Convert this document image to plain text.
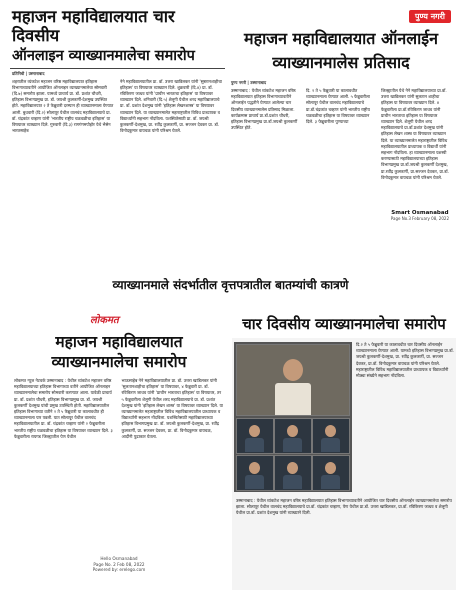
महाजन महाविद्यालयात चार दिवसीय
ऑनलाइन व्याख्यानमालेचा समारोप
प्रतिनिधी | उस्मानाबाद
शहरातील व्यंकटेश महाजन वरिष्ठ महाविद्यालयात इतिहास विभागाच्यावतीने आयोजित ऑनलाइन व्याख्यानमालेचा सोमवारी (दि.७) समारोप झाला. यामध्ये प्राचार्य प्रा. डॉ. प्रशांत चौधरी, इतिहास विभागप्रमुख प्रा. डॉ. जयश्री कुलकर्णी-देशमुख उपस्थित होते. महाविद्यालयात २ ते फेब्रुवारी दरम्यान ही व्याख्यानमाला घेण्यात आली. बुधवारी (दि.२) सोलापूर येथील वालचंद महाविद्यालयाचे प्रा. डॉ. चंद्रकांत चव्हाण यांनी 'भारतीय राष्ट्रीय चळवळीचा इतिहास' या विषयावर व्याख्यान दिले. गुरुवारी (दि.३) रागगंगमपोहोर येथे भैसेन भारतसाहेब
नेने महाविद्यालयातील प्रा. डॉ. उत्तरा खाडिलकर यांनी 'सुस्तानशाहीचा इतिहास' या विषयावर व्याख्यान दिले. शुक्रवारी (दि.४) प्रा. डॉ. रविकिरण जाधव यांनी 'प्राचीन भारताचा इतिहास' या विषयावर व्याख्यान दिले. शनिवारी (दि.५) शेलूगी येथील शरद महाविद्यालयाचे प्रा. डॉ. प्रशांत देशमुख यांनी 'इतिहास लेखनशास्त्र' या विषयावर व्याख्यान दिले. या व्याख्यानमालेत महाराष्ट्रातील विविध प्राध्यापक व विद्यार्थ्यांनी सहभाग नोंदविला. यशस्वितेसाठी प्रा. डॉ. जयश्री कुलकर्णी-देशमुख, प्रा. रवींद्र कुलकर्णी, प्रा. सज्जन देवकर प्रा. डॉ. विनोदकुमार वायचळ यांनी परिश्रम घेतले.
पुण्य नगरी
महाजन महाविद्यालयात ऑनलाईन
व्याख्यानमालेस प्रतिसाद
पुण्य नगरी | उस्मानाबाद
उस्मानाबाद : येथील व्यंकटेश महाजन वरिष्ठ महाविद्यालयात इतिहास विभागाच्यावतीने ऑनलाईन पद्धतीने घेण्यात आलेल्या चार दिवसीय व्याख्यानमालेस प्रतिसाद मिळाला. कार्यक्रमास प्राचार्य प्रा.डॉ.प्रशांत चौधरी, इतिहास विभागप्रमुख प्रा.डॉ.जयश्री कुलकर्णी उपस्थित होते.
दि. २ ते ५ फेब्रुवारी या कालावधीत व्याख्यानमाला घेण्यात आली. ५ फेब्रुवारीला सोलापूर येथील वालचंद महाविद्यालयाचे प्रा.डॉ.चंद्रकांत चव्हाण यांनी भारतीय राष्ट्रीय चळवळीचा इतिहास या विषयावर व्याख्यान दिले. ३ फेब्रुवारीला पुण्याच्या
जिल्ह्यातील येथे नेने महाविद्यालयाच्या प्रा.डॉ. उत्तरा खाडिलकर यांनी सुलतान शाहीचा इतिहास या विषयावर व्याख्यान दिले. ४ फेब्रुवारीला प्रा.डॉ.रविकिरण जाधव यांनी प्राचीन भारताचा इतिहास या विषयावर व्याख्यान दिले. शेलूगी येथील शरद महाविद्यालयाचे प्रा.डॉ.प्रशांत देशमुख यांनी इतिहास लेखन शास्त्र या विषयावर व्याख्यान दिले. या व्याख्यानमालेत महाराष्ट्रातील विविध महाविद्यालयातील प्राध्यापक व विद्यार्थी यांनी सहभाग नोंदविला. हा व्याख्यानमाला यशस्वी करण्यासाठी महाविद्यालयाच्या इतिहास विभागप्रमुख प्रा.डॉ.जयश्री कुलकर्णी देशमुख, प्रा.रवींद्र कुलकर्णी, प्रा.सज्जन देवकर, प्रा.डॉ. विनोदकुमार वायचळ यांनी परिश्रम घेतले.
Smart Osmanabad
Page No.3 February 08, 2022
व्याख्यानमाले संदर्भातील वृत्तपत्रातील बातम्यांची कात्रणे
लोकमत
महाजन महाविद्यालयात
व्याख्यानमालेचा समारोप
लोकमत न्यूज नेटवर्क उस्मानाबाद : येथील व्यंकटेश महाजन वरिष्ठ महाविद्यालयाच्या इतिहास विभागाच्या वतीने आयोजित ऑनलाइन व्याख्यानमालेचा समारोप सोमवारी करण्यात आला. यावेळी प्राचार्य प्रा. डॉ. प्रशांत चौधरी, इतिहास विभागप्रमुख प्रा. डॉ. जयश्री कुलकर्णी देशमुख यांची प्रमुख उपस्थिती होती. महाविद्यालयातील इतिहास विभागाच्या वतीने २ ते ५ फेब्रुवारी या कालावधीत ही व्याख्यानमाला पार पडली. यात सोलापूर येथील वालचंद महाविद्यालयातील प्रा. डॉ. चंद्रकांत चव्हाण यांनी २ फेब्रुवारीला भारतीय राष्ट्रीय चळवळीचा इतिहास या विषयावर व्याख्यान दिले. ३ फेब्रुवारीला रायगड जिल्ह्यातील पेण येथील
भाऊसाहेब नेने महाविद्यालयातील प्रा. डॉ. उत्तरा खाडिलकर यांनी 'सुलतानशाहीचा इतिहास' या विषयावर, ४ फेब्रुवारी प्रा. डॉ. रविकिरण जाधव यांनी 'प्राचीन भारताचा इतिहास' या विषयावर, तर ५ फेब्रुवारीला शेलूगी येथील शरद महाविद्यालयाचे प्रा. डॉ. प्रशांत देशमुख यांनी 'इतिहास लेखन शास्त्र' या विषयावर व्याख्यान दिले. या व्याख्यानमालेत महाराष्ट्रातील विविध महाविद्यालयातील प्राध्यापक व विद्यार्थ्यांनी सहभाग नोंदविला. यशस्वितेसाठी महाविद्यालयाच्या इतिहास विभागप्रमुख प्रा. डॉ. जयश्री कुलकर्णी-देशमुख, प्रा. रवींद्र कुलकर्णी, प्रा. सज्जन देवकर, प्रा. डॉ. विनोदकुमार वायचळ, आदींनी पुढाकार घेतला.
Hello Osmanabad
Page No. 2 Feb 08, 2022
Powered by: erelego.com
चार दिवसीय व्याख्यानमालेचा समारोप
दि.२ ते ५ फेब्रुवारी या कालावधीत चार दिवसीय ऑनलाईन व्याख्यानमाला घेण्यात आली. यामध्ये इतिहास विभागप्रमुख प्रा.डॉ. जयश्री कुलकर्णी-देशमुख, प्रा. रवींद्र कुलकर्णी, प्रा. सज्जन देवकर, प्रा.डॉ. विनोदकुमार वायचळ यांनी परिश्रम घेतले. महाराष्ट्रातील विविध महाविद्यालयातील प्राध्यापक व विद्यार्थ्यांनी मोठ्या संख्येने सहभाग नोंदविला.
उस्मानाबाद : येथील व्यंकटेश महाजन वरिष्ठ महाविद्यालयात इतिहास विभागाच्यावतीने आयोजित चार दिवसीय ऑनलाईन व्याख्यानमालेचा समारोप झाला. सोलापूर येथील वालचंद महाविद्यालयाचे प्रा.डॉ. चंद्रकांत चव्हाण, पेण येथील प्रा.डॉ. उत्तरा खाडिलकर, प्रा.डॉ. रविकिरण जाधव व शेलूगी येथील प्रा.डॉ. प्रशांत देशमुख यांनी व्याख्याने दिली.
